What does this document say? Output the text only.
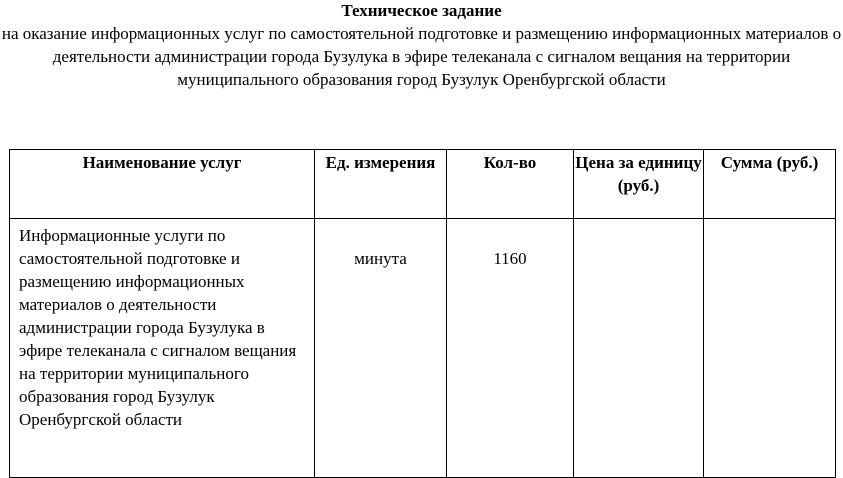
Техническое задание
на оказание информационных услуг по самостоятельной подготовке и размещению информационных материалов о деятельности администрации города Бузулука в эфире телеканала с сигналом вещания на территории муниципального образования город Бузулук Оренбургской области
Наименование услуг	Ед. измерения	Кол-во	Цена за единицу (руб.)	Сумма (руб.)
Информационные услуги по самостоятельной подготовке и размещению информационных материалов о деятельности администрации города Бузулука в эфире телеканала с сигналом вещания на территории муниципального образования город Бузулук Оренбургской области	минута	1160		
